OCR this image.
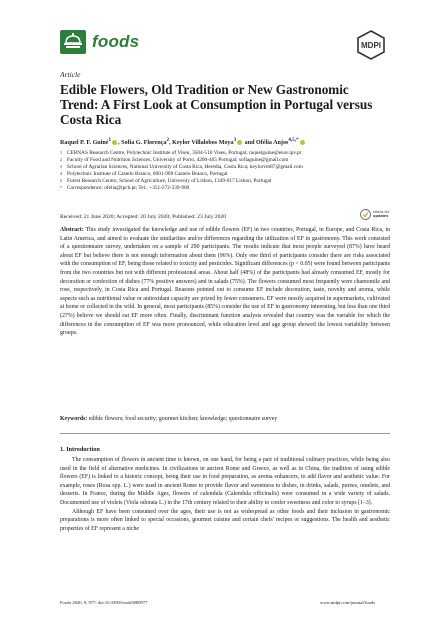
foods	MDPI
Article
Edible Flowers, Old Tradition or New Gastronomic Trend: A First Look at Consumption in Portugal versus Costa Rica
Raquel P. F. Guiné$^1$, Sofia G. Florença$^2$, Keylor Villalobos Moya$^3$ and Ofélia Anjos$^{4,5,*}$
1 CERNAS Research Centre, Polytechnic Institute of Viseu, 3504-510 Viseu, Portugal; raquelguine@esav.ipv.pt
2 Faculty of Food and Nutrition Sciences, University of Porto, 4200-465 Portugal; sofiaguine@gmail.com
3 School of Agrarian Sciences, National University of Costa Rica, Heredia, Costa Rica; keylorvm87@gmail.com
4 Polytechnic Institute of Castelo Branco, 6001-909 Castelo Branco, Portugal
5 Forest Research Centre, School of Agriculture, University of Lisbon, 1349-017 Lisbon, Portugal
* Correspondence: ofelia@ipcb.pt; Tel.: +351-272-339-900
check for
updates
Received: 21 June 2020; Accepted: 20 July 2020; Published: 23 July 2020
Abstract: This study investigated the knowledge and use of edible flowers (EF) in two countries, Portugal, in Europe, and Costa Rica, in Latin America, and aimed to evaluate the similarities and/or differences regarding the utilization of EF in gastronomy. This work consisted of a questionnaire survey, undertaken on a sample of 290 participants. The results indicate that most people surveyed (87%) have heard about EF but believe there is not enough information about them (96%). Only one third of participants consider there are risks associated with the consumption of EF, being those related to toxicity and pesticides. Significant differences (p < 0.05) were found between participants from the two countries but not with different professional areas. About half (48%) of the participants had already consumed EF, mostly for decoration or confection of dishes (77% positive answers) and in salads (75%). The flowers consumed most frequently were chamomile and rose, respectively, in Costa Rica and Portugal. Reasons pointed out to consume EF include decoration, taste, novelty and aroma, while aspects such as nutritional value or antioxidant capacity are prized by fewer consumers. EF were mostly acquired in supermarkets, cultivated at home or collected in the wild. In general, most participants (85%) consider the use of EF in gastronomy interesting, but less than one third (27%) believe we should eat EF more often. Finally, discriminant function analysis revealed that country was the variable for which the differences in the consumption of EF was more pronounced, while education level and age group showed the lowest variability between groups.
Keywords: edible flowers; food security; gourmet kitchen; knowledge; questionnaire survey
1. Introduction

The consumption of flowers in ancient time is known, on one hand, for being a part of traditional culinary practices, while being also used in the field of alternative medicines. In civilizations in ancient Rome and Greece, as well as in China, the tradition of using edible flowers (EF) is linked to a historic concept, being their use in food preparation, as aroma enhancers, to add flavor and aesthetic value. For example, roses (Rosa spp. L.) were used in ancient Rome to provide flavor and sweetness to dishes, in drinks, salads, purees, omelets, and desserts. In France, during the Middle Ages, flowers of calendula (Calendula officinalis) were consumed in a wide variety of salads. Documented use of violets (Viola odorata L.) in the 17th century related to their ability to confer sweetness and color to syrups [1–3].

Although EF have been consumed over the ages, their use is not as widespread as other foods and their inclusion in gastronomic preparations is more often linked to special occasions, gourmet cuisine and certain chefs' recipes or suggestions. The health and aesthetic properties of EF represent a niche

Foods 2020, 9, 977; doi:10.3390/foods9080977	www.mdpi.com/journal/foods
